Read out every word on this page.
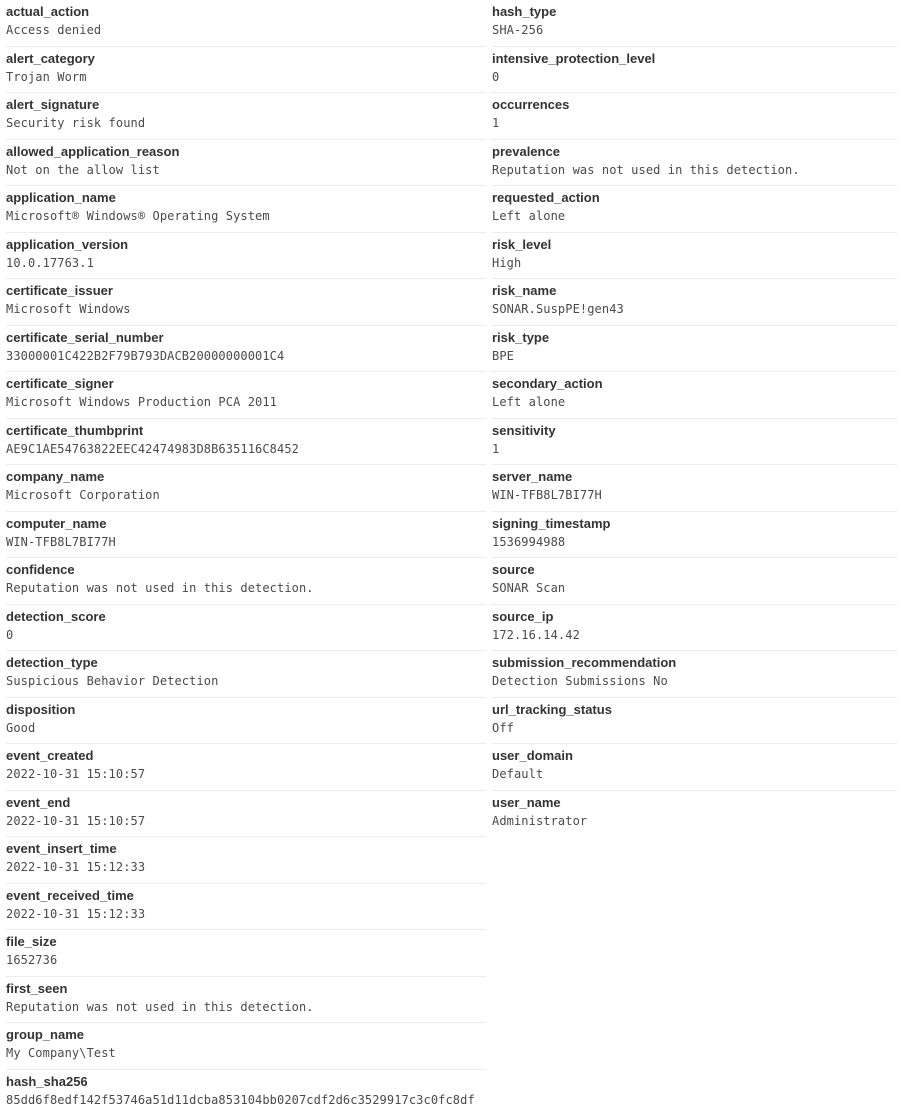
actual_action
Access denied
alert_category
Trojan Worm
alert_signature
Security risk found
allowed_application_reason
Not on the allow list
application_name
Microsoft® Windows® Operating System
application_version
10.0.17763.1
certificate_issuer
Microsoft Windows
certificate_serial_number
33000001C422B2F79B793DACB20000000001C4
certificate_signer
Microsoft Windows Production PCA 2011
certificate_thumbprint
AE9C1AE54763822EEC42474983D8B635116C8452
company_name
Microsoft Corporation
computer_name
WIN-TFB8L7BI77H
confidence
Reputation was not used in this detection.
detection_score
0
detection_type
Suspicious Behavior Detection
disposition
Good
event_created
2022-10-31 15:10:57
event_end
2022-10-31 15:10:57
event_insert_time
2022-10-31 15:12:33
event_received_time
2022-10-31 15:12:33
file_size
1652736
first_seen
Reputation was not used in this detection.
group_name
My Company\Test
hash_sha256
85dd6f8edf142f53746a51d11dcba853104bb0207cdf2d6c3529917c3c0fc8df
hash_type
SHA-256
intensive_protection_level
0
occurrences
1
prevalence
Reputation was not used in this detection.
requested_action
Left alone
risk_level
High
risk_name
SONAR.SuspPE!gen43
risk_type
BPE
secondary_action
Left alone
sensitivity
1
server_name
WIN-TFB8L7BI77H
signing_timestamp
1536994988
source
SONAR Scan
source_ip
172.16.14.42
submission_recommendation
Detection Submissions No
url_tracking_status
Off
user_domain
Default
user_name
Administrator
